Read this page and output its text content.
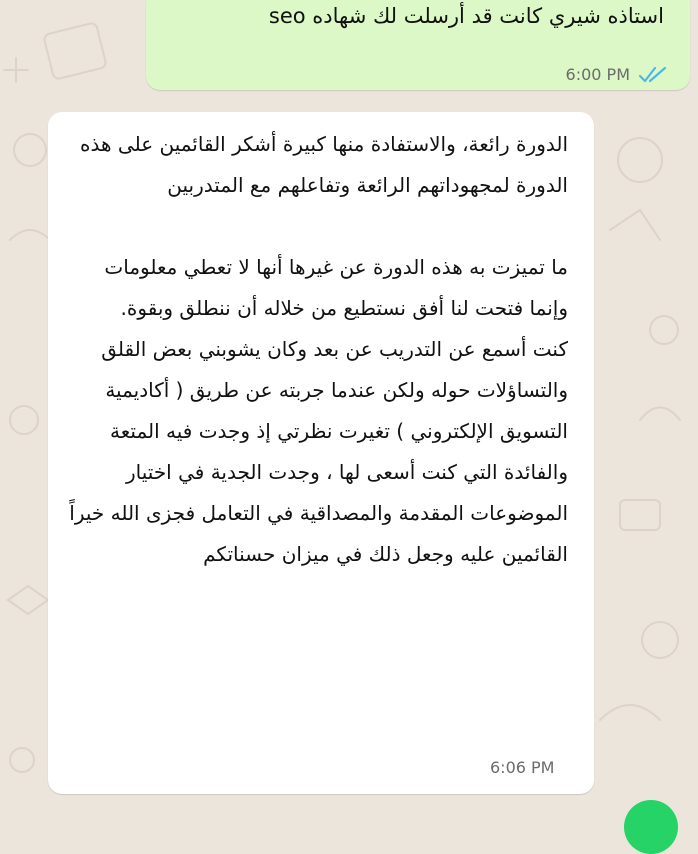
استاذه شيري كانت قد أرسلت لك شهاده seo
6:00 PM
الدورة رائعة، والاستفادة منها كبيرة أشكر القائمين على هذه الدورة لمجهوداتهم الرائعة وتفاعلهم مع المتدربين

ما تميزت به هذه الدورة عن غيرها أنها لا تعطي معلومات وإنما فتحت لنا أفق نستطيع من خلاله أن ننطلق وبقوة.
كنت أسمع عن التدريب عن بعد وكان يشوبني بعض القلق والتساؤلات حوله ولكن عندما جربته عن طريق ( أكاديمية التسويق الإلكتروني ) تغيرت نظرتي إذ وجدت فيه المتعة والفائدة التي كنت أسعى لها ، وجدت الجدية في اختيار الموضوعات المقدمة والمصداقية في التعامل فجزى الله خيراً القائمين عليه وجعل ذلك في ميزان حسناتكم
6:06 PM
